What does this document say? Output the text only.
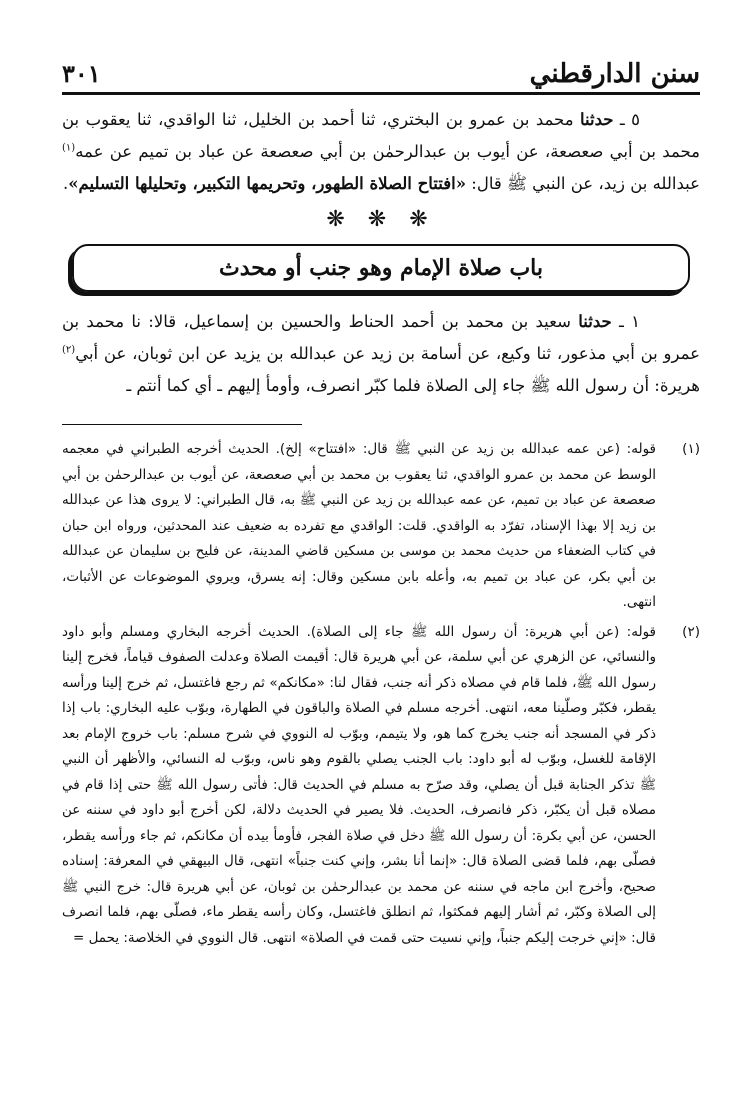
سنن الدارقطني
٣٠١

٥ ـ حدثنا محمد بن عمرو بن البختري، ثنا أحمد بن الخليل، ثنا الواقدي، ثنا يعقوب بن محمد بن أبي صعصعة، عن أيوب بن عبدالرحمٰن بن أبي صعصعة عن عباد بن تميم عن عمه$^{(١)}$ عبدالله بن زيد، عن النبي ﷺ قال: «افتتاح الصلاة الطهور، وتحريمها التكبير، وتحليلها التسليم».

❋ ❋ ❋
باب صلاة الإمام وهو جنب أو محدث

١ ـ حدثنا سعيد بن محمد بن أحمد الحناط والحسين بن إسماعيل، قالا: نا محمد بن عمرو بن أبي مذعور، ثنا وكيع، عن أسامة بن زيد عن عبدالله بن يزيد عن ابن ثوبان، عن أبي$^{(٢)}$ هريرة: أن رسول الله ﷺ جاء إلى الصلاة فلما كبّر انصرف، وأومأ إليهم ـ أي كما أنتم ـ

(١)
قوله: (عن عمه عبدالله بن زيد عن النبي ﷺ قال: «افتتاح» إلخ). الحديث أخرجه الطبراني في معجمه الوسط عن محمد بن عمرو الواقدي، ثنا يعقوب بن محمد بن أبي صعصعة، عن أيوب بن عبدالرحمٰن بن أبي صعصعة عن عباد بن تميم، عن عمه عبدالله بن زيد عن النبي ﷺ به، قال الطبراني: لا يروى هذا عن عبدالله بن زيد إلا بهذا الإسناد، تفرّد به الواقدي. قلت: الواقدي مع تفرده به ضعيف عند المحدثين، ورواه ابن حبان في كتاب الضعفاء من حديث محمد بن موسى بن مسكين قاضي المدينة، عن فليح بن سليمان عن عبدالله بن أبي بكر، عن عباد بن تميم به، وأعله بابن مسكين وقال: إنه يسرق، ويروي الموضوعات عن الأثبات، انتهى.
(٢)
قوله: (عن أبي هريرة: أن رسول الله ﷺ جاء إلى الصلاة). الحديث أخرجه البخاري ومسلم وأبو داود والنسائي، عن الزهري عن أبي سلمة، عن أبي هريرة قال: أقيمت الصلاة وعدلت الصفوف قياماً، فخرج إلينا رسول الله ﷺ، فلما قام في مصلاه ذكر أنه جنب، فقال لنا: «مكانكم» ثم رجع فاغتسل، ثم خرج إلينا ورأسه يقطر، فكبّر وصلّينا معه، انتهى. أخرجه مسلم في الصلاة والباقون في الطهارة، وبوّب عليه البخاري: باب إذا ذكر في المسجد أنه جنب يخرج كما هو، ولا يتيمم، وبوّب له النووي في شرح مسلم: باب خروج الإمام بعد الإقامة للغسل، وبوّب له أبو داود: باب الجنب يصلي بالقوم وهو ناس، وبوّب له النسائي، والأظهر أن النبي ﷺ تذكر الجنابة قبل أن يصلي، وقد صرّح به مسلم في الحديث قال: فأتى رسول الله ﷺ حتى إذا قام في مصلاه قبل أن يكبّر، ذكر فانصرف، الحديث. فلا يصير في الحديث دلالة، لكن أخرج أبو داود في سننه عن الحسن، عن أبي بكرة: أن رسول الله ﷺ دخل في صلاة الفجر، فأومأ بيده أن مكانكم، ثم جاء ورأسه يقطر، فصلّى بهم، فلما قضى الصلاة قال: «إنما أنا بشر، وإني كنت جنباً» انتهى، قال البيهقي في المعرفة: إسناده صحيح، وأخرج ابن ماجه في سننه عن محمد بن عبدالرحمٰن بن ثوبان، عن أبي هريرة قال: خرج النبي ﷺ إلى الصلاة وكبّر، ثم أشار إليهم فمكثوا، ثم انطلق فاغتسل، وكان رأسه يقطر ماء، فصلّى بهم، فلما انصرف قال: «إني خرجت إليكم جنباً، وإني نسيت حتى قمت في الصلاة» انتهى. قال النووي في الخلاصة: يحمل =
